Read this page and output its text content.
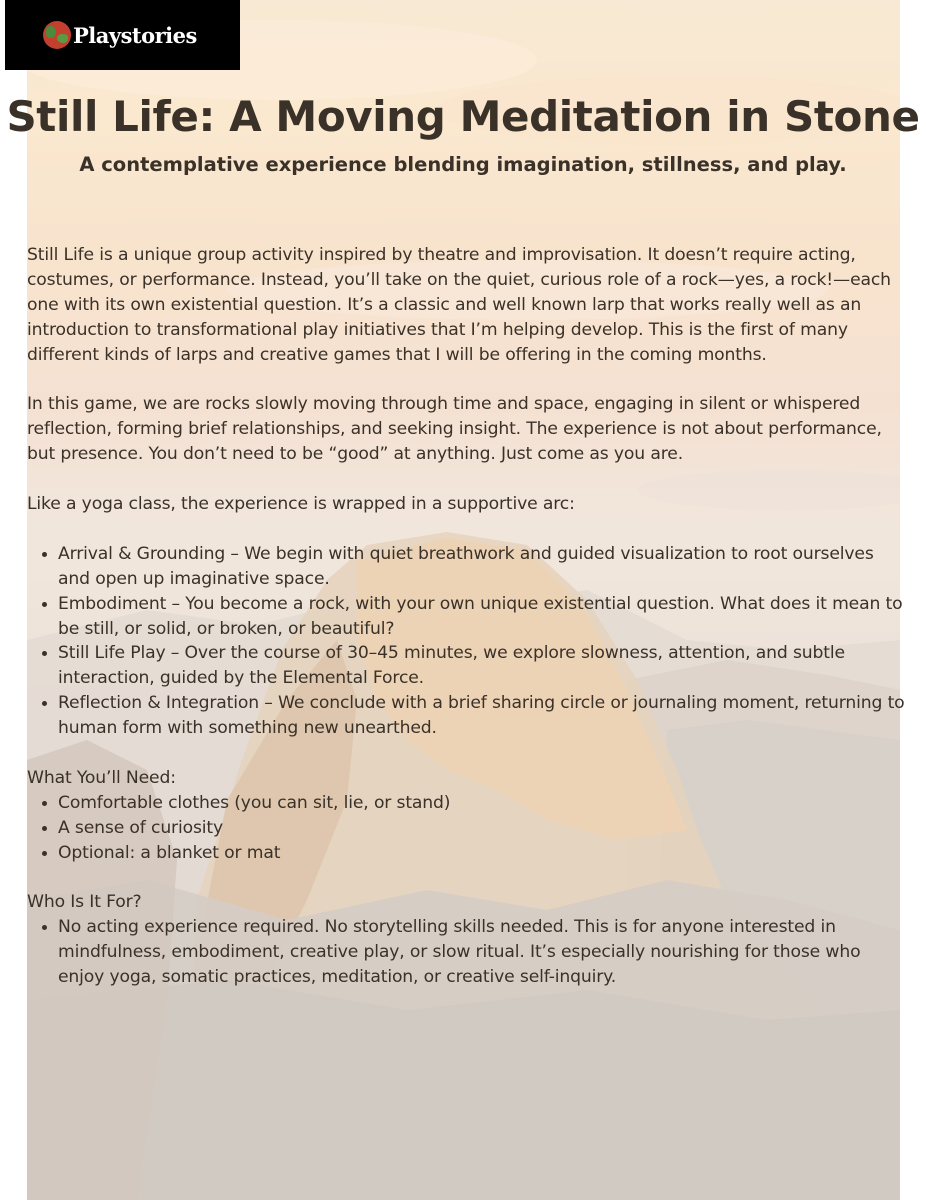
Playstories
Still Life: A Moving Meditation in Stone
A contemplative experience blending imagination, stillness, and play.

Still Life is a unique group activity inspired by theatre and improvisation. It doesn’t require acting, costumes, or performance. Instead, you’ll take on the quiet, curious role of a rock—yes, a rock!—each one with its own existential question. It’s a classic and well known larp that works really well as an introduction to transformational play initiatives that I’m helping develop. This is the first of many different kinds of larps and creative games that I will be offering in the coming months.

In this game, we are rocks slowly moving through time and space, engaging in silent or whispered reflection, forming brief relationships, and seeking insight. The experience is not about performance, but presence. You don’t need to be “good” at anything. Just come as you are.

Like a yoga class, the experience is wrapped in a supportive arc:

• Arrival & Grounding – We begin with quiet breathwork and guided visualization to root ourselves and open up imaginative space.
• Embodiment – You become a rock, with your own unique existential question. What does it mean to be still, or solid, or broken, or beautiful?
• Still Life Play – Over the course of 30–45 minutes, we explore slowness, attention, and subtle interaction, guided by the Elemental Force.
• Reflection & Integration – We conclude with a brief sharing circle or journaling moment, returning to human form with something new unearthed.

What You’ll Need:

• Comfortable clothes (you can sit, lie, or stand)
• A sense of curiosity
• Optional: a blanket or mat

Who Is It For?

• No acting experience required. No storytelling skills needed. This is for anyone interested in mindfulness, embodiment, creative play, or slow ritual. It’s especially nourishing for those who enjoy yoga, somatic practices, meditation, or creative self-inquiry.
